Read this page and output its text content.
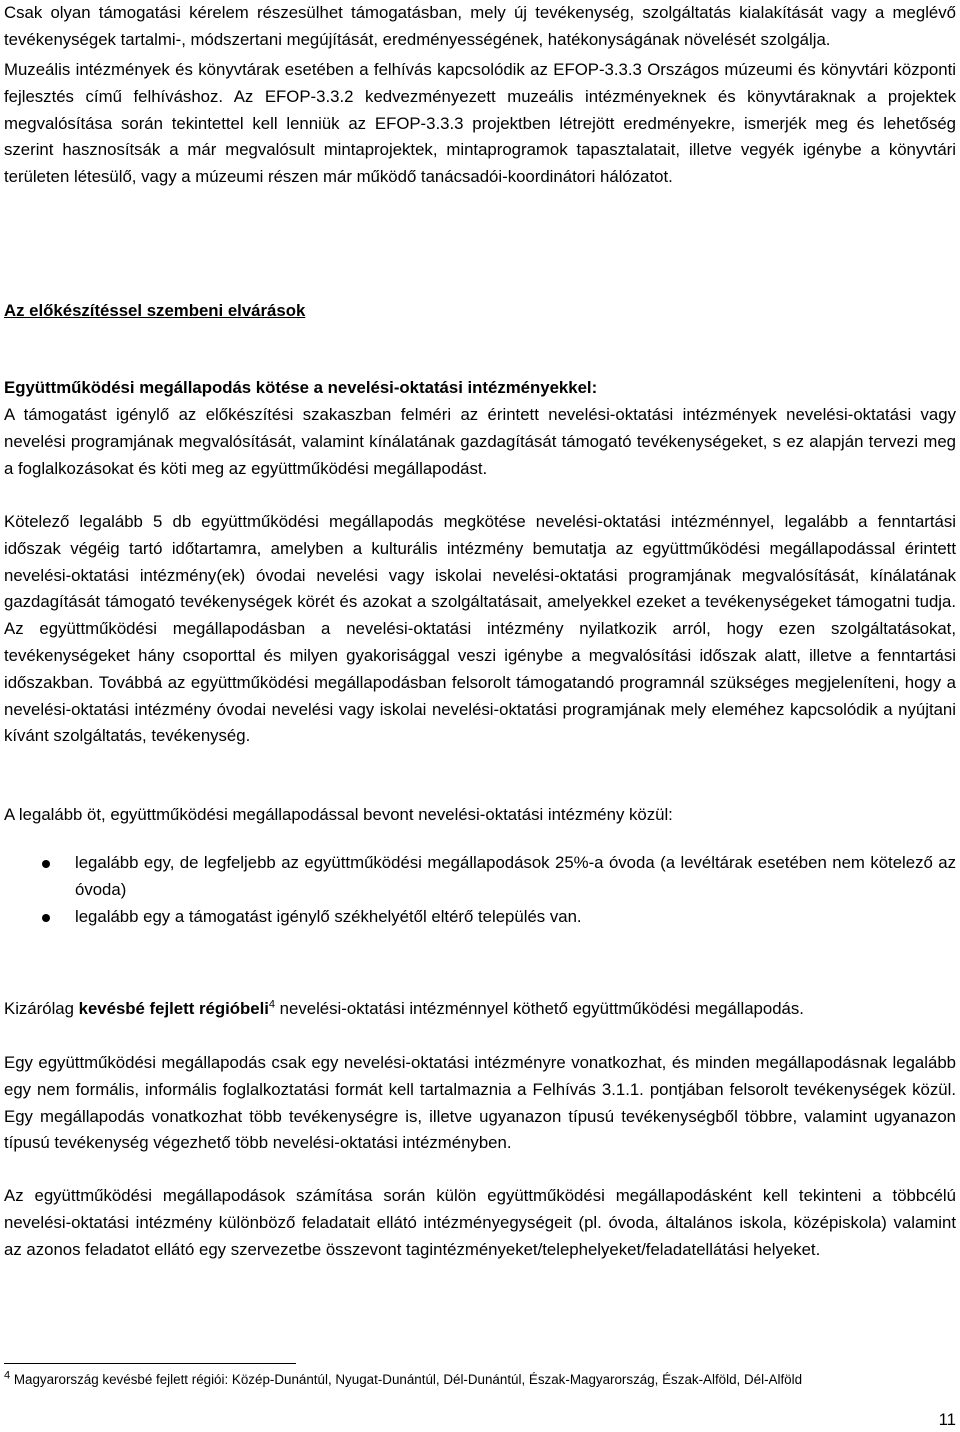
Csak olyan támogatási kérelem részesülhet támogatásban, mely új tevékenység, szolgáltatás kialakítását vagy a meglévő tevékenységek tartalmi-, módszertani megújítását, eredményességének, hatékonyságának növelését szolgálja.

Muzeális intézmények és könyvtárak esetében a felhívás kapcsolódik az EFOP-3.3.3 Országos múzeumi és könyvtári központi fejlesztés című felhíváshoz. Az EFOP-3.3.2 kedvezményezett muzeális intézményeknek és könyvtáraknak a projektek megvalósítása során tekintettel kell lenniük az EFOP-3.3.3 projektben létrejött eredményekre, ismerjék meg és lehetőség szerint hasznosítsák a már megvalósult mintaprojektek, mintaprogramok tapasztalatait, illetve vegyék igénybe a könyvtári területen létesülő, vagy a múzeumi részen már működő tanácsadói-koordinátori hálózatot.

Az előkészítéssel szembeni elvárások

Együttműködési megállapodás kötése a nevelési-oktatási intézményekkel:

A támogatást igénylő az előkészítési szakaszban felméri az érintett nevelési-oktatási intézmények nevelési-oktatási vagy nevelési programjának megvalósítását, valamint kínálatának gazdagítását támogató tevékenységeket, s ez alapján tervezi meg a foglalkozásokat és köti meg az együttműködési megállapodást.

Kötelező legalább 5 db együttműködési megállapodás megkötése nevelési-oktatási intézménnyel, legalább a fenntartási időszak végéig tartó időtartamra, amelyben a kulturális intézmény bemutatja az együttműködési megállapodással érintett nevelési-oktatási intézmény(ek) óvodai nevelési vagy iskolai nevelési-oktatási programjának megvalósítását, kínálatának gazdagítását támogató tevékenységek körét és azokat a szolgáltatásait, amelyekkel ezeket a tevékenységeket támogatni tudja. Az együttműködési megállapodásban a nevelési-oktatási intézmény nyilatkozik arról, hogy ezen szolgáltatásokat, tevékenységeket hány csoporttal és milyen gyakorisággal veszi igénybe a megvalósítási időszak alatt, illetve a fenntartási időszakban. Továbbá az együttműködési megállapodásban felsorolt támogatandó programnál szükséges megjeleníteni, hogy a nevelési-oktatási intézmény óvodai nevelési vagy iskolai nevelési-oktatási programjának mely eleméhez kapcsolódik a nyújtani kívánt szolgáltatás, tevékenység.

A legalább öt, együttműködési megállapodással bevont nevelési-oktatási intézmény közül:

legalább egy, de legfeljebb az együttműködési megállapodások 25%-a óvoda (a levéltárak esetében nem kötelező az óvoda)
legalább egy a támogatást igénylő székhelyétől eltérő település van.

Kizárólag kevésbé fejlett régióbeli$^4$ nevelési-oktatási intézménnyel köthető együttműködési megállapodás.

Egy együttműködési megállapodás csak egy nevelési-oktatási intézményre vonatkozhat, és minden megállapodásnak legalább egy nem formális, informális foglalkoztatási formát kell tartalmaznia a Felhívás 3.1.1. pontjában felsorolt tevékenységek közül. Egy megállapodás vonatkozhat több tevékenységre is, illetve ugyanazon típusú tevékenységből többre, valamint ugyanazon típusú tevékenység végezhető több nevelési-oktatási intézményben.

Az együttműködési megállapodások számítása során külön együttműködési megállapodásként kell tekinteni a többcélú nevelési-oktatási intézmény különböző feladatait ellátó intézményegységeit (pl. óvoda, általános iskola, középiskola) valamint az azonos feladatot ellátó egy szervezetbe összevont tagintézményeket/telephelyeket/feladatellátási helyeket.

$^4$ Magyarország kevésbé fejlett régiói: Közép-Dunántúl, Nyugat-Dunántúl, Dél-Dunántúl, Észak-Magyarország, Észak-Alföld, Dél-Alföld

11
